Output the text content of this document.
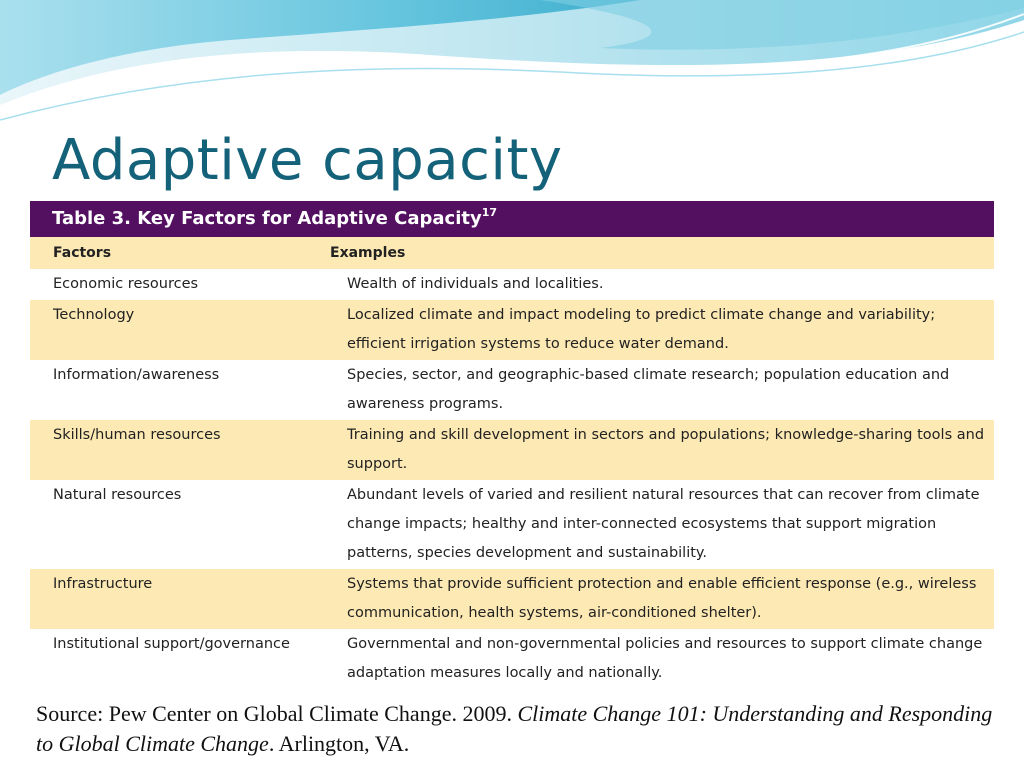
Adaptive capacity
Table 3. Key Factors for Adaptive Capacity$^{17}$
Factors	Examples
Economic resources	Wealth of individuals and localities.
Technology	Localized climate and impact modeling to predict climate change and variability; efficient irrigation systems to reduce water demand.
Information/awareness	Species, sector, and geographic-based climate research; population education and awareness programs.
Skills/human resources	Training and skill development in sectors and populations; knowledge-sharing tools and support.
Natural resources	Abundant levels of varied and resilient natural resources that can recover from climate change impacts; healthy and inter-connected ecosystems that support migration patterns, species development and sustainability.
Infrastructure	Systems that provide sufficient protection and enable efficient response (e.g., wireless communication, health systems, air-conditioned shelter).
Institutional support/governance	Governmental and non-governmental policies and resources to support climate change adaptation measures locally and nationally.
Source: Pew Center on Global Climate Change. 2009. Climate Change 101: Understanding and Responding to Global Climate Change. Arlington, VA.
